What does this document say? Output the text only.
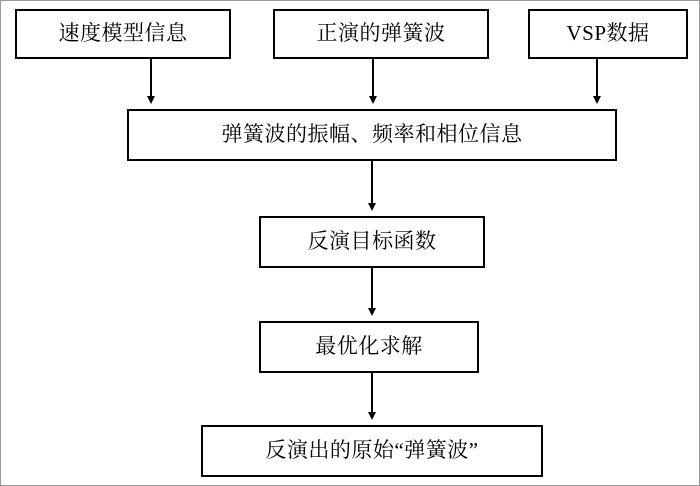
速度模型信息	正演的弹簧波	VSP数据
弹簧波的振幅、频率和相位信息
反演目标函数
最优化求解
反演出的原始“弹簧波”
